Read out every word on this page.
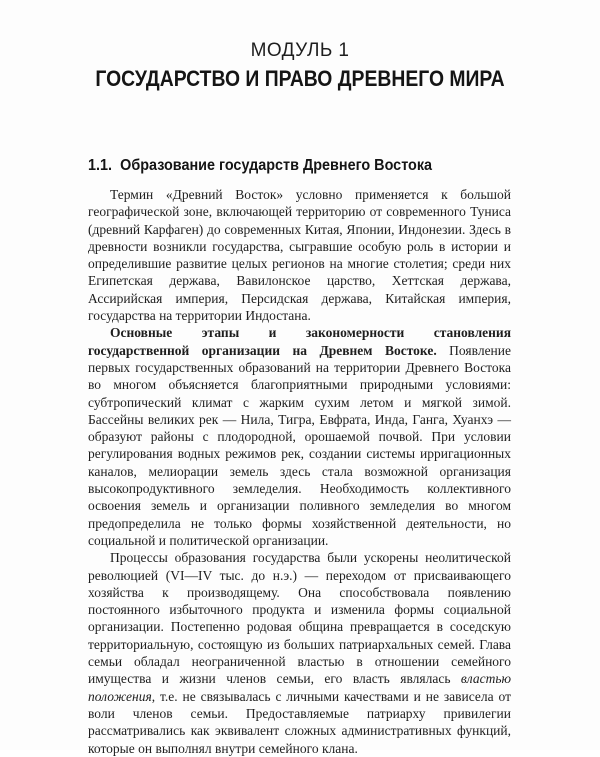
МОДУЛЬ 1
ГОСУДАРСТВО И ПРАВО ДРЕВНЕГО МИРА
1.1. Образование государств Древнего Востока

Термин «Древний Восток» условно применяется к большой географической зоне, включающей территорию от современного Туниса (древний Карфаген) до современных Китая, Японии, Индонезии. Здесь в древности возникли государства, сыгравшие особую роль в истории и определившие развитие целых регионов на многие столетия; среди них Египетская держава, Вавилонское царство, Хеттская держава, Ассирийская империя, Персидская держава, Китайская империя, государства на территории Индостана.

Основные этапы и закономерности становления государственной организации на Древнем Востоке. Появление первых государственных образований на территории Древнего Востока во многом объясняется благоприятными природными условиями: субтропический климат с жарким сухим летом и мягкой зимой. Бассейны великих рек — Нила, Тигра, Евфрата, Инда, Ганга, Хуанхэ — образуют районы с плодородной, орошаемой почвой. При условии регулирования водных режимов рек, создании системы ирригационных каналов, мелиорации земель здесь стала возможной организация высокопродуктивного земледелия. Необходимость коллективного освоения земель и организации поливного земледелия во многом предопределила не только формы хозяйственной деятельности, но социальной и политической организации.

Процессы образования государства были ускорены неолитической революцией (VI—IV тыс. до н.э.) — переходом от присваивающего хозяйства к производящему. Она способствовала появлению постоянного избыточного продукта и изменила формы социальной организации. Постепенно родовая община превращается в соседскую территориальную, состоящую из больших патриархальных семей. Глава семьи обладал неограниченной властью в отношении семейного имущества и жизни членов семьи, его власть являлась властью положения, т.е. не связывалась с личными качествами и не зависела от воли членов семьи. Предоставляемые патриарху привилегии рассматривались как эквивалент сложных административных функций, которые он выполнял внутри семейного клана.
